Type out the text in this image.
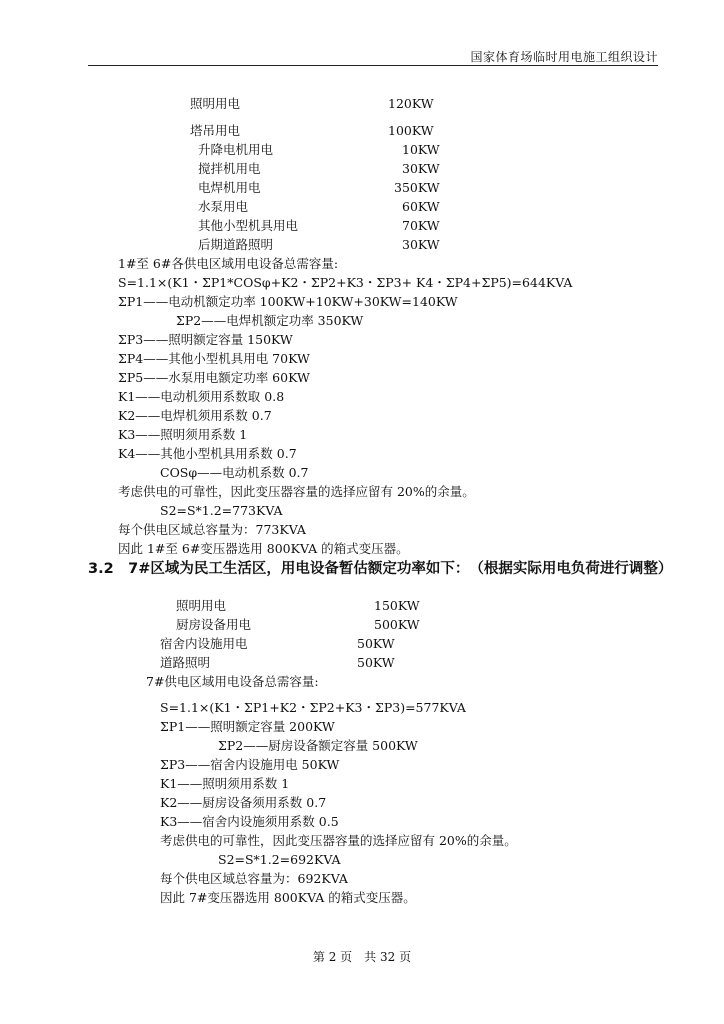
国家体育场临时用电施工组织设计
照明用电	120KW
塔吊用电	100KW
升降电机用电	10KW
搅拌机用电	30KW
电焊机用电	350KW
水泵用电	60KW
其他小型机具用电	70KW
后期道路照明	30KW
1#至 6#各供电区域用电设备总需容量:
S=1.1×(K1・ΣP1*COSφ+K2・ΣP2+K3・ΣP3+ K4・ΣP4+ΣP5)=644KVA
ΣP1——电动机额定功率 100KW+10KW+30KW=140KW
ΣP2——电焊机额定功率 350KW
ΣP3——照明额定容量 150KW
ΣP4——其他小型机具用电 70KW
ΣP5——水泵用电额定功率 60KW
K1——电动机须用系数取 0.8
K2——电焊机须用系数 0.7
K3——照明须用系数 1
K4——其他小型机具用系数 0.7
COSφ——电动机系数 0.7
考虑供电的可靠性，因此变压器容量的选择应留有 20%的余量。
S2=S*1.2=773KVA
每个供电区域总容量为：773KVA
因此 1#至 6#变压器选用 800KVA 的箱式变压器。
3.2　7#区域为民工生活区，用电设备暂估额定功率如下：　（根据实际用电负荷进行调整）
照明用电	150KW
厨房设备用电	500KW
宿舍内设施用电	50KW
道路照明	50KW
7#供电区域用电设备总需容量:
S=1.1×(K1・ΣP1+K2・ΣP2+K3・ΣP3)=577KVA
ΣP1——照明额定容量 200KW
ΣP2——厨房设备额定容量 500KW
ΣP3——宿舍内设施用电 50KW
K1——照明须用系数 1
K2——厨房设备须用系数 0.7
K3——宿舍内设施须用系数 0.5
考虑供电的可靠性，因此变压器容量的选择应留有 20%的余量。
S2=S*1.2=692KVA
每个供电区域总容量为：692KVA
因此 7#变压器选用 800KVA 的箱式变压器。
第 2 页　共 32 页
